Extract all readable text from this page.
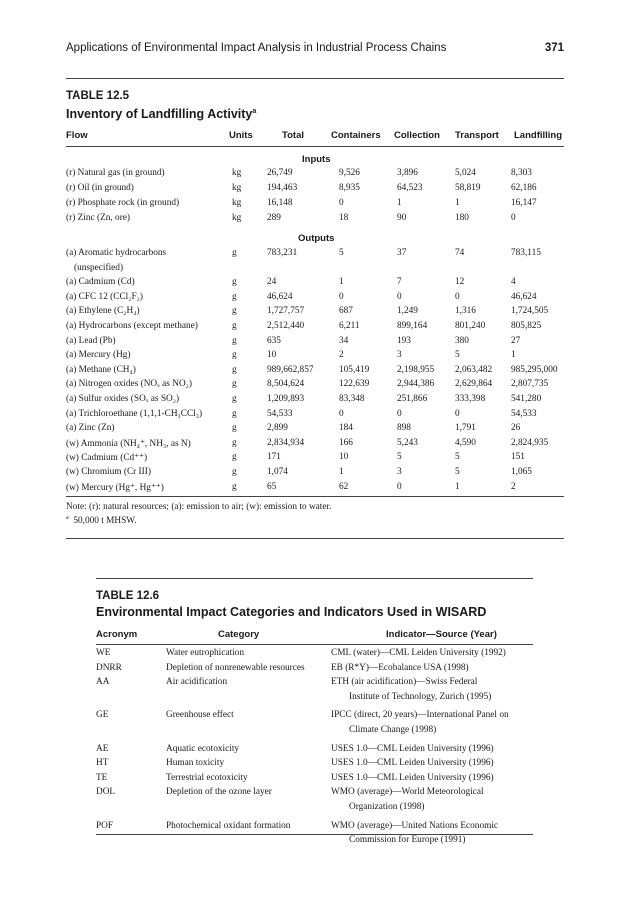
Applications of Environmental Impact Analysis in Industrial Process Chains	371
TABLE 12.5
Inventory of Landfilling Activity$^a$
Flow	Units	Total	Containers Collection Transport Landfilling
Inputs
(r) Natural gas (in ground)	kg	26,749	9,526	3,896	5,024	8,303
(r) Oil (in ground)	kg	194,463	8,935	64,523	58,819	62,186
(r) Phosphate rock (in ground)	kg	16,148	0	1	1	16,147
(r) Zinc (Zn, ore)	kg	289	18	90	180	0
Outputs
(a) Aromatic hydrocarbons	g	783,231	5	37	74	783,115
(unspecified)
(a) Cadmium (Cd)	g	24	1	7	12	4
(a) CFC 12 (CCl₂F₂)	g	46,624	0	0	0	46,624
(a) Ethylene (C₂H₄)	g	1,727,757	687	1,249	1,316	1,724,505
(a) Hydrocarbons (except methane)	g	2,512,440	6,211	899,164	801,240	805,825
(a) Lead (Pb)	g	635	34	193	380	27
(a) Mercury (Hg)	g	10	2	3	5	1
(a) Methane (CH₄)	g	989,662,857	105,419	2,198,955 2,063,482 985,295,000
(a) Nitrogen oxides (NOₓ as NO₂)	g	8,504,624	122,639	2,944,386 2,629,864 2,807,735
(a) Sulfur oxides (SOₓ as SO₂)	g	1,209,893	83,348	251,866	333,398	541,280
(a) Trichloroethane (1,1,1-CH₃CCl₃)	g	54,533	0	0	0	54,533
(a) Zinc (Zn)	g	2,899	184	898	1,791	26
(w) Ammonia (NH₄⁺, NH₃, as N)	g	2,834,934	166	5,243	4,590	2,824,935
(w) Cadmium (Cd⁺⁺)	g	171	10	5	5	151
(w) Chromium (Cr III)	g	1,074	1	3	5	1,065
(w) Mercury (Hg⁺, Hg⁺⁺)	g	65	62	0	1	2
Note: (r): natural resources; (a): emission to air; (w): emission to water.
$^a$ 50,000 t MHSW.
TABLE 12.6
Environmental Impact Categories and Indicators Used in WISARD
Acronym	Category	Indicator—Source (Year)
WE	Water eutrophication	CML (water)—CML Leiden University (1992)
DNRR	Depletion of nonrenewable resources	EB (R*Y)—Ecobalance USA (1998)
AA	Air acidification	ETH (air acidification)—Swiss Federal
Institute of Technology, Zurich (1995)
GE	Greenhouse effect	IPCC (direct, 20 years)—International Panel on
Climate Change (1998)
AE	Aquatic ecotoxicity	USES 1.0—CML Leiden University (1996)
HT	Human toxicity	USES 1.0—CML Leiden University (1996)
TE	Terrestrial ecotoxicity	USES 1.0—CML Leiden University (1996)
DOL	Depletion of the ozone layer	WMO (average)—World Meteorological
Organization (1998)
POF	Photochemical oxidant formation	WMO (average)—United Nations Economic
Commission for Europe (1991)
